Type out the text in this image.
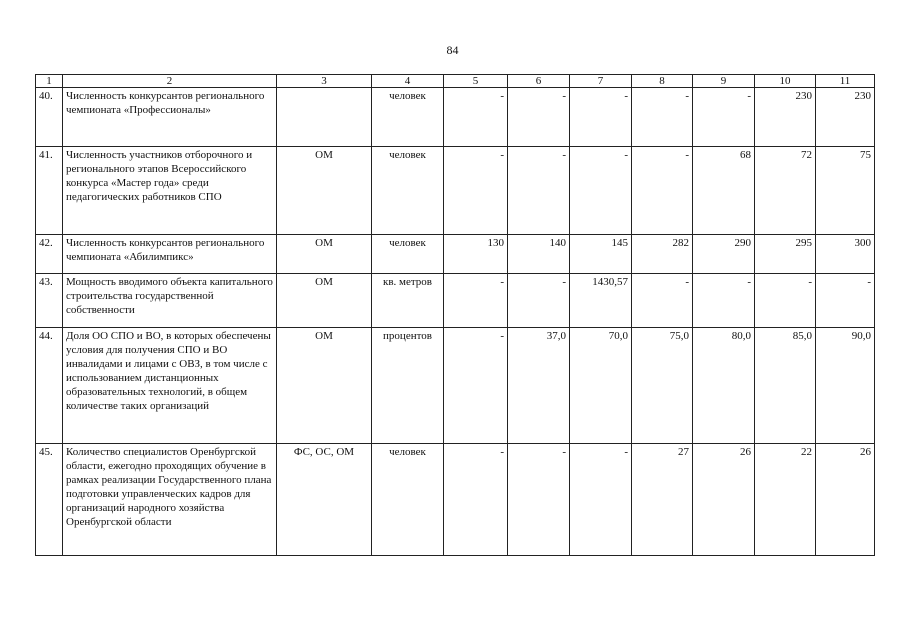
84
1	2	3	4	5	6	7	8	9	10	11
40.	Численность конкурсантов регионального чемпионата «Профессионалы»		человек	-	-	-	-	-	230	230
41.	Численность участников отборочного и регионального этапов Всероссийского конкурса «Мастер года» среди педагогических работников СПО	ОМ	человек	-	-	-	-	68	72	75
42.	Численность конкурсантов регионального чемпионата «Абилимпикс»	ОМ	человек	130	140	145	282	290	295	300
43.	Мощность вводимого объекта капитального строительства государственной собственности	ОМ	кв. метров	-	-	1430,57	-	-	-	-
44.	Доля ОО СПО и ВО, в которых обеспечены условия для получения СПО и ВО инвалидами и лицами с ОВЗ, в том числе с использованием дистанционных образовательных технологий, в общем количестве таких организаций	ОМ	процентов	-	37,0	70,0	75,0	80,0	85,0	90,0
45.	Количество специалистов Оренбургской области, ежегодно проходящих обучение в рамках реализации Государственного плана подготовки управленческих кадров для организаций народного хозяйства Оренбургской области	ФС, ОС, ОМ	человек	-	-	-	27	26	22	26
